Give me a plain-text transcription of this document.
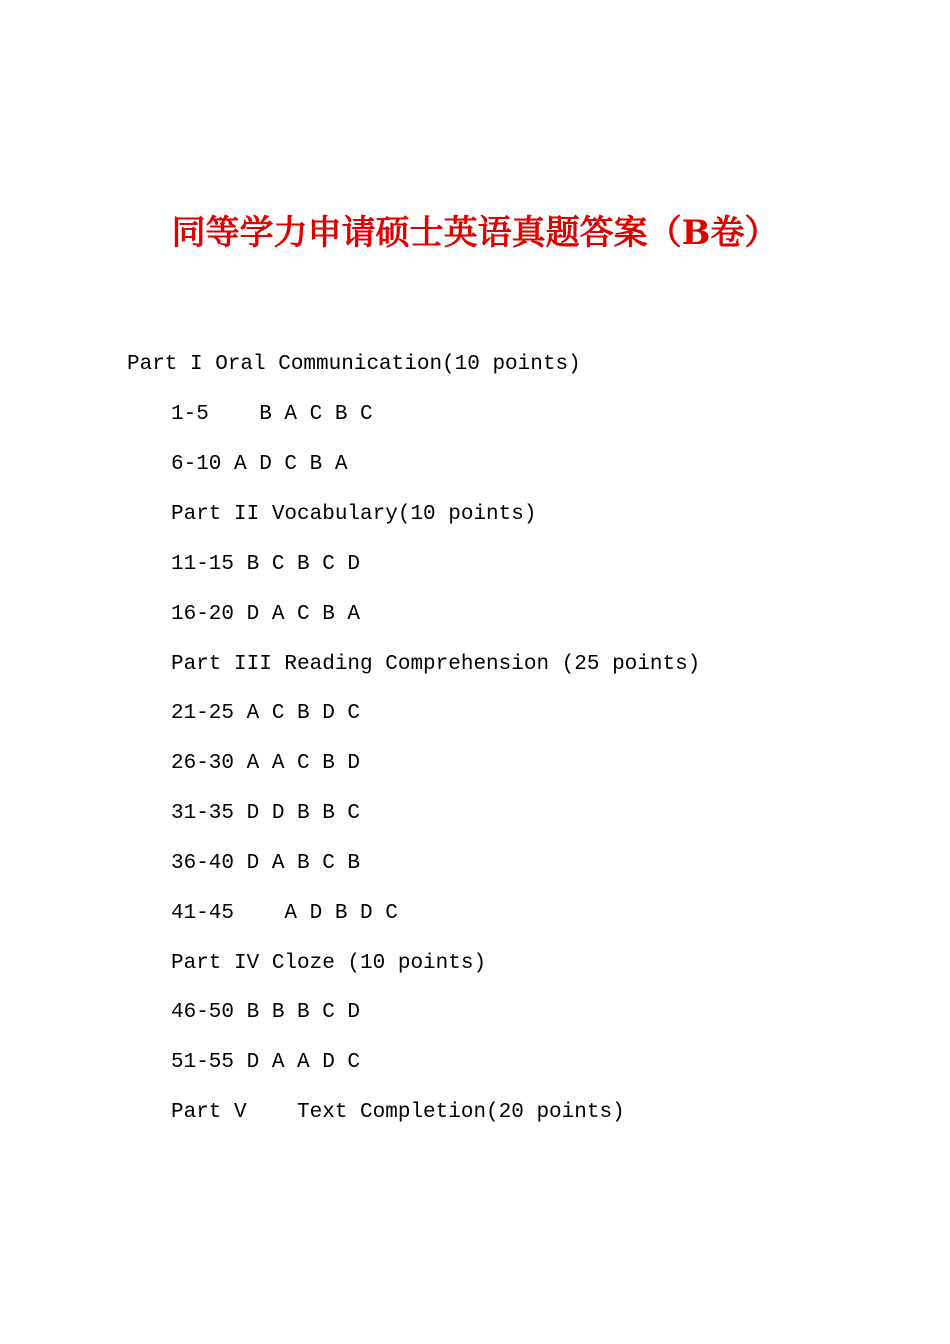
同等学力申请硕士英语真题答案（B卷）

Part I Oral Communication(10 points)

1-5    B A C B C

6-10 A D C B A

Part II Vocabulary(10 points)

11-15 B C B C D

16-20 D A C B A

Part III Reading Comprehension (25 points)

21-25 A C B D C

26-30 A A C B D

31-35 D D B B C

36-40 D A B C B

41-45    A D B D C

Part IV Cloze (10 points)

46-50 B B B C D

51-55 D A A D C

Part V    Text Completion(20 points)
